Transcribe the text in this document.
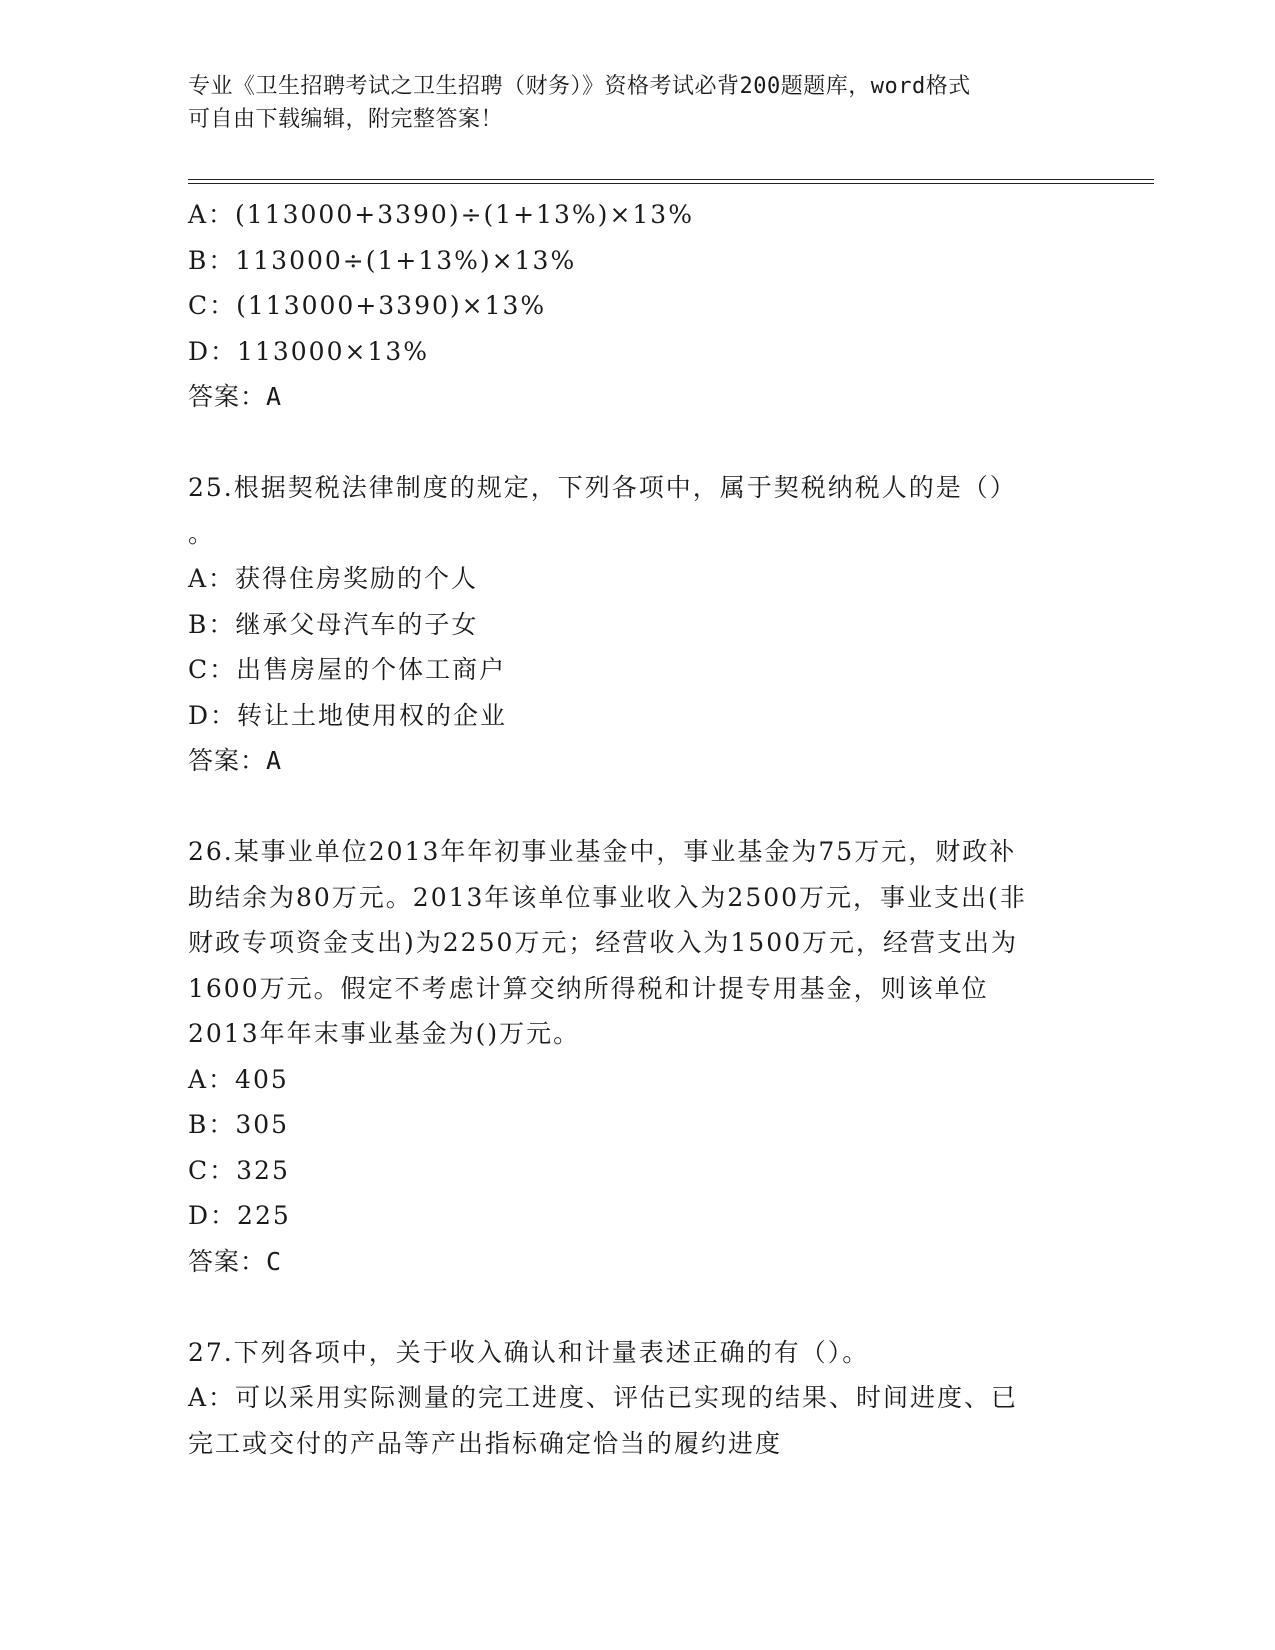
专业《卫生招聘考试之卫生招聘（财务）》资格考试必背200题题库，word格式
可自由下载编辑，附完整答案！
A：(113000+3390)÷(1+13%)×13%
B：113000÷(1+13%)×13%
C：(113000+3390)×13%
D：113000×13%
答案：A
25.根据契税法律制度的规定，下列各项中，属于契税纳税人的是（）
。
A：获得住房奖励的个人
B：继承父母汽车的子女
C：出售房屋的个体工商户
D：转让土地使用权的企业
答案：A
26.某事业单位2013年年初事业基金中，事业基金为75万元，财政补
助结余为80万元。2013年该单位事业收入为2500万元，事业支出(非
财政专项资金支出)为2250万元；经营收入为1500万元，经营支出为
1600万元。假定不考虑计算交纳所得税和计提专用基金，则该单位
2013年年末事业基金为()万元。
A：405
B：305
C：325
D：225
答案：C
27.下列各项中，关于收入确认和计量表述正确的有（）。
A：可以采用实际测量的完工进度、评估已实现的结果、时间进度、已
完工或交付的产品等产出指标确定恰当的履约进度
